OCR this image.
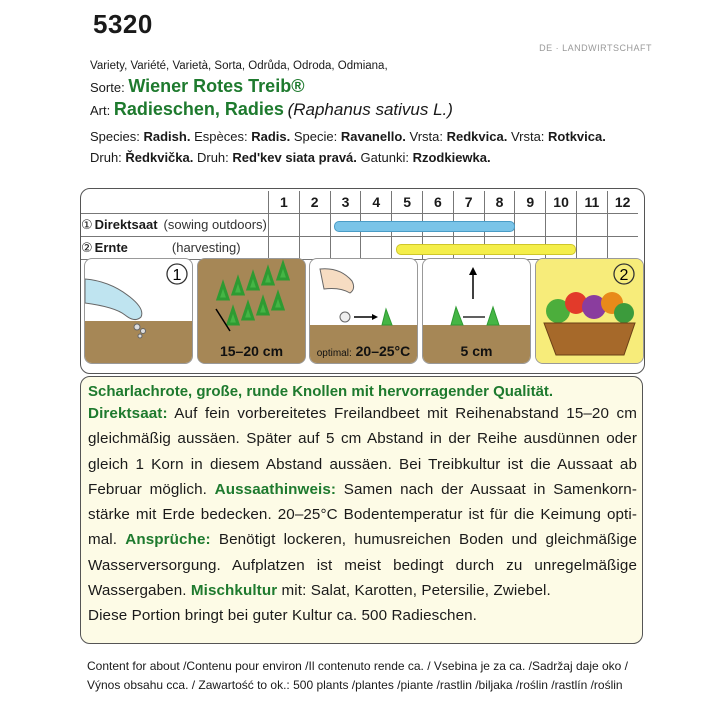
5320
DE · LANDWIRTSCHAFT
Variety, Variété, Varietà, Sorta, Odrůda, Odroda, Odmiana,
Sorte: Wiener Rotes Treib®
Art: Radieschen, Radies (Raphanus sativus L.)
Species: Radish. Espèces: Radis. Specie: Ravanello. Vrsta: Redkvica. Vrsta: Rotkvica.
Druh: Ředkvička. Druh: Red'kev siata pravá. Gatunki: Rzodkiewka.
	1	2	3	4	5	6	7	8	9	10	11	12
① Direktsaat (sowing outdoors)												
② Ernte (harvesting)												
1
15–20 cm	optimal: 20–25°C	5 cm
2
Scharlachrote, große, runde Knollen mit hervorragender Qualität.

Direktsaat: Auf fein vorbereitetes Freilandbeet mit Reihenabstand 15–20 cm gleichmäßig aussäen. Später auf 5 cm Abstand in der Reihe ausdünnen oder gleich 1 Korn in diesem Abstand aussäen. Bei Treibkultur ist die Aussaat ab Februar möglich. Aussaathinweis: Samen nach der Aussaat in Samenkorn-stärke mit Erde bedecken. 20–25°C Bodentemperatur ist für die Keimung opti-mal. Ansprüche: Benötigt lockeren, humusreichen Boden und gleichmäßige Wasserversorgung. Aufplatzen ist meist bedingt durch zu unregelmäßige Wassergaben. Mischkultur mit: Salat, Karotten, Petersilie, Zwiebel.

Diese Portion bringt bei guter Kultur ca. 500 Radieschen.

Content for about /Contenu pour environ /Il contenuto rende ca. / Vsebina je za ca. /Sadržaj daje oko /
Výnos obsahu cca. / Zawartość to ok.: 500 plants /plantes /piante /rastlin /biljaka /roślin /rastlín /roślin
